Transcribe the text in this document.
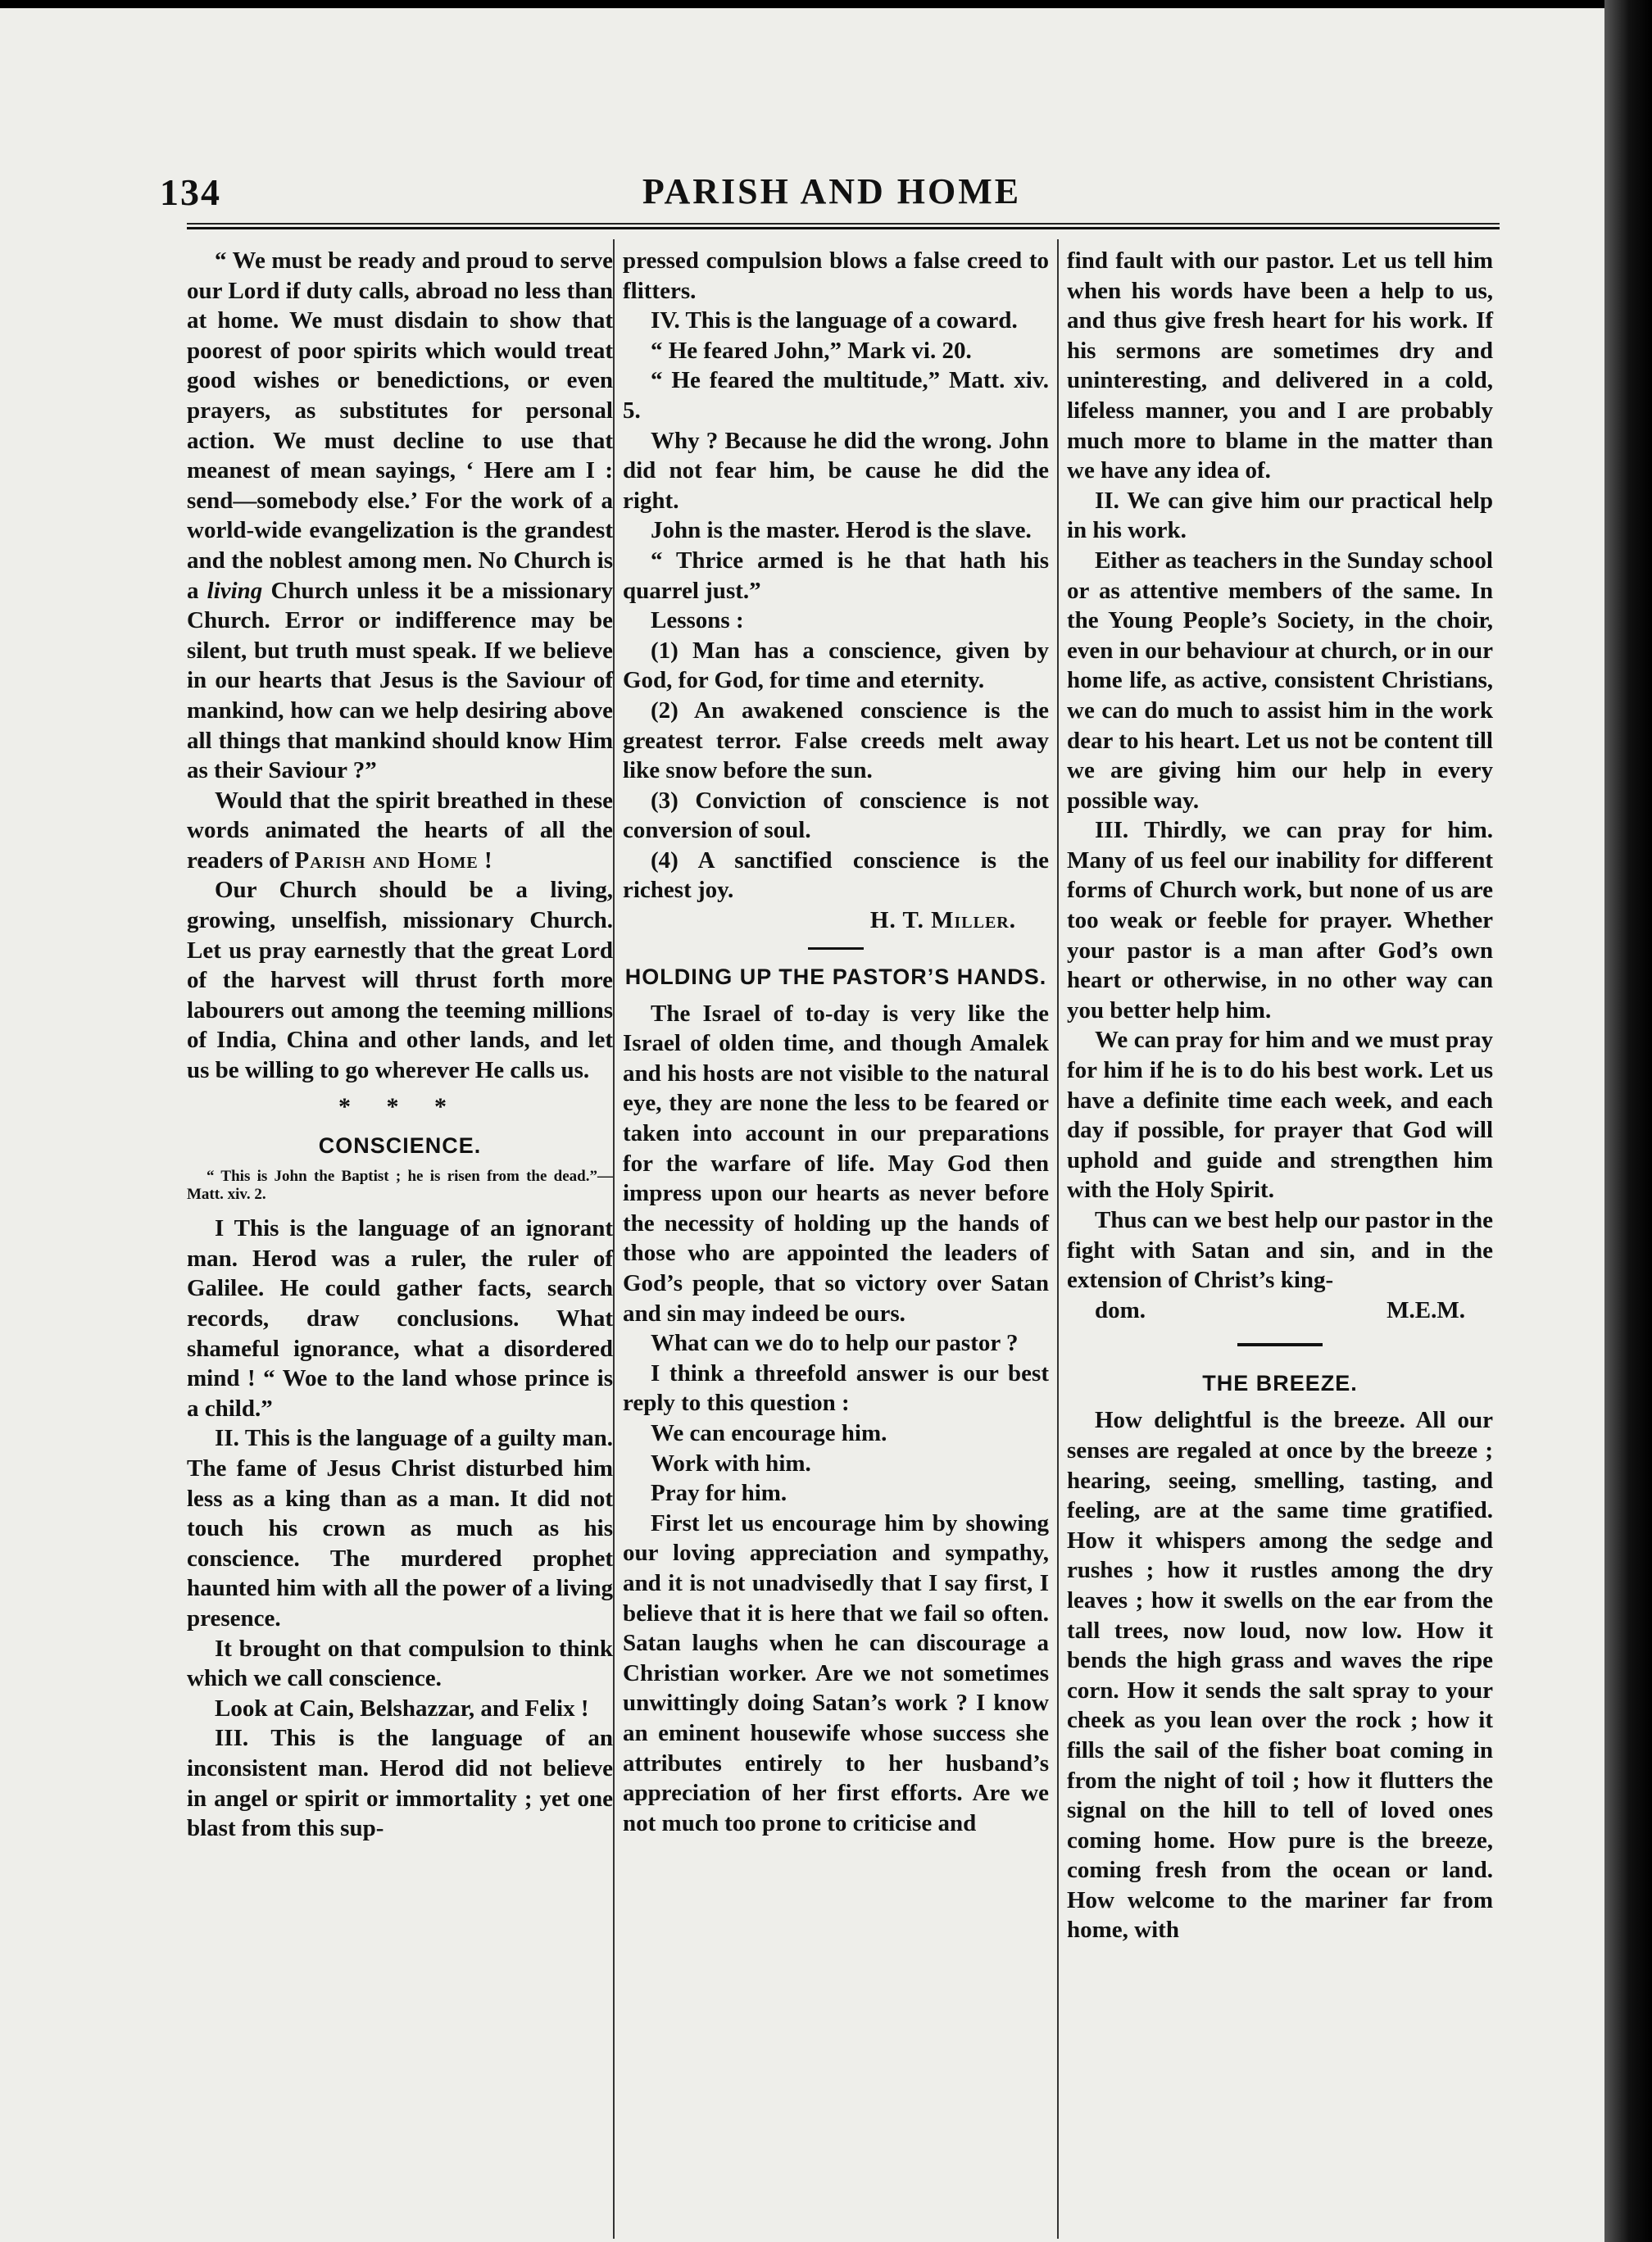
134	PARISH AND HOME

“ We must be ready and proud to serve our Lord if duty calls, abroad no less than at home. We must disdain to show that poorest of poor spirits which would treat good wishes or benedictions, or even prayers, as substitutes for personal action. We must decline to use that meanest of mean sayings, ‘ Here am I : send—somebody else.’ For the work of a world-wide evangelization is the grandest and the noblest among men. No Church is a living Church unless it be a missionary Church. Error or indifference may be silent, but truth must speak. If we believe in our hearts that Jesus is the Saviour of mankind, how can we help desiring above all things that mankind should know Him as their Saviour ?”

Would that the spirit breathed in these words animated the hearts of all the readers of Parish and Home !

Our Church should be a living, growing, unselfish, missionary Church. Let us pray earnestly that the great Lord of the harvest will thrust forth more labourers out among the teeming millions of India, China and other lands, and let us be willing to go wherever He calls us.

* * *
CONSCIENCE.
“ This is John the Baptist ; he is risen from the dead.”—Matt. xiv. 2.

I This is the language of an ignorant man. Herod was a ruler, the ruler of Galilee. He could gather facts, search records, draw conclusions. What shameful ignorance, what a disordered mind ! “ Woe to the land whose prince is a child.”

II. This is the language of a guilty man. The fame of Jesus Christ disturbed him less as a king than as a man. It did not touch his crown as much as his conscience. The murdered prophet haunted him with all the power of a living presence.

It brought on that compulsion to think which we call conscience.

Look at Cain, Belshazzar, and Felix !

III. This is the language of an inconsistent man. Herod did not believe in angel or spirit or immortality ; yet one blast from this sup-

pressed compulsion blows a false creed to flitters.

IV. This is the language of a coward.

“ He feared John,” Mark vi. 20.

“ He feared the multitude,” Matt. xiv. 5.

Why ? Because he did the wrong. John did not fear him, be cause he did the right.

John is the master. Herod is the slave.

“ Thrice armed is he that hath his quarrel just.”

Lessons :

(1) Man has a conscience, given by God, for God, for time and eternity.

(2) An awakened conscience is the greatest terror. False creeds melt away like snow before the sun.

(3) Conviction of conscience is not conversion of soul.

(4) A sanctified conscience is the richest joy.

H. T. Miller.

HOLDING UP THE PASTOR’S HANDS.

The Israel of to-day is very like the Israel of olden time, and though Amalek and his hosts are not visible to the natural eye, they are none the less to be feared or taken into account in our preparations for the warfare of life. May God then impress upon our hearts as never before the necessity of holding up the hands of those who are appointed the leaders of God’s people, that so victory over Satan and sin may indeed be ours.

What can we do to help our pastor ?

I think a threefold answer is our best reply to this question :

We can encourage him.

Work with him.

Pray for him.

First let us encourage him by showing our loving appreciation and sympathy, and it is not unadvisedly that I say first, I believe that it is here that we fail so often. Satan laughs when he can discourage a Christian worker. Are we not sometimes unwittingly doing Satan’s work ? I know an eminent housewife whose success she attributes entirely to her husband’s appreciation of her first efforts. Are we not much too prone to criticise and

find fault with our pastor. Let us tell him when his words have been a help to us, and thus give fresh heart for his work. If his sermons are sometimes dry and uninteresting, and delivered in a cold, lifeless manner, you and I are probably much more to blame in the matter than we have any idea of.

II. We can give him our practical help in his work.

Either as teachers in the Sunday school or as attentive members of the same. In the Young People’s Society, in the choir, even in our behaviour at church, or in our home life, as active, consistent Christians, we can do much to assist him in the work dear to his heart. Let us not be content till we are giving him our help in every possible way.

III. Thirdly, we can pray for him. Many of us feel our inability for different forms of Church work, but none of us are too weak or feeble for prayer. Whether your pastor is a man after God’s own heart or otherwise, in no other way can you better help him.

We can pray for him and we must pray for him if he is to do his best work. Let us have a definite time each week, and each day if possible, for prayer that God will uphold and guide and strengthen him with the Holy Spirit.

Thus can we best help our pastor in the fight with Satan and sin, and in the extension of Christ’s king-

dom.	M.E.M.

THE BREEZE.

How delightful is the breeze. All our senses are regaled at once by the breeze ; hearing, seeing, smelling, tasting, and feeling, are at the same time gratified. How it whispers among the sedge and rushes ; how it rustles among the dry leaves ; how it swells on the ear from the tall trees, now loud, now low. How it bends the high grass and waves the ripe corn. How it sends the salt spray to your cheek as you lean over the rock ; how it fills the sail of the fisher boat coming in from the night of toil ; how it flutters the signal on the hill to tell of loved ones coming home. How pure is the breeze, coming fresh from the ocean or land. How welcome to the mariner far from home, with
